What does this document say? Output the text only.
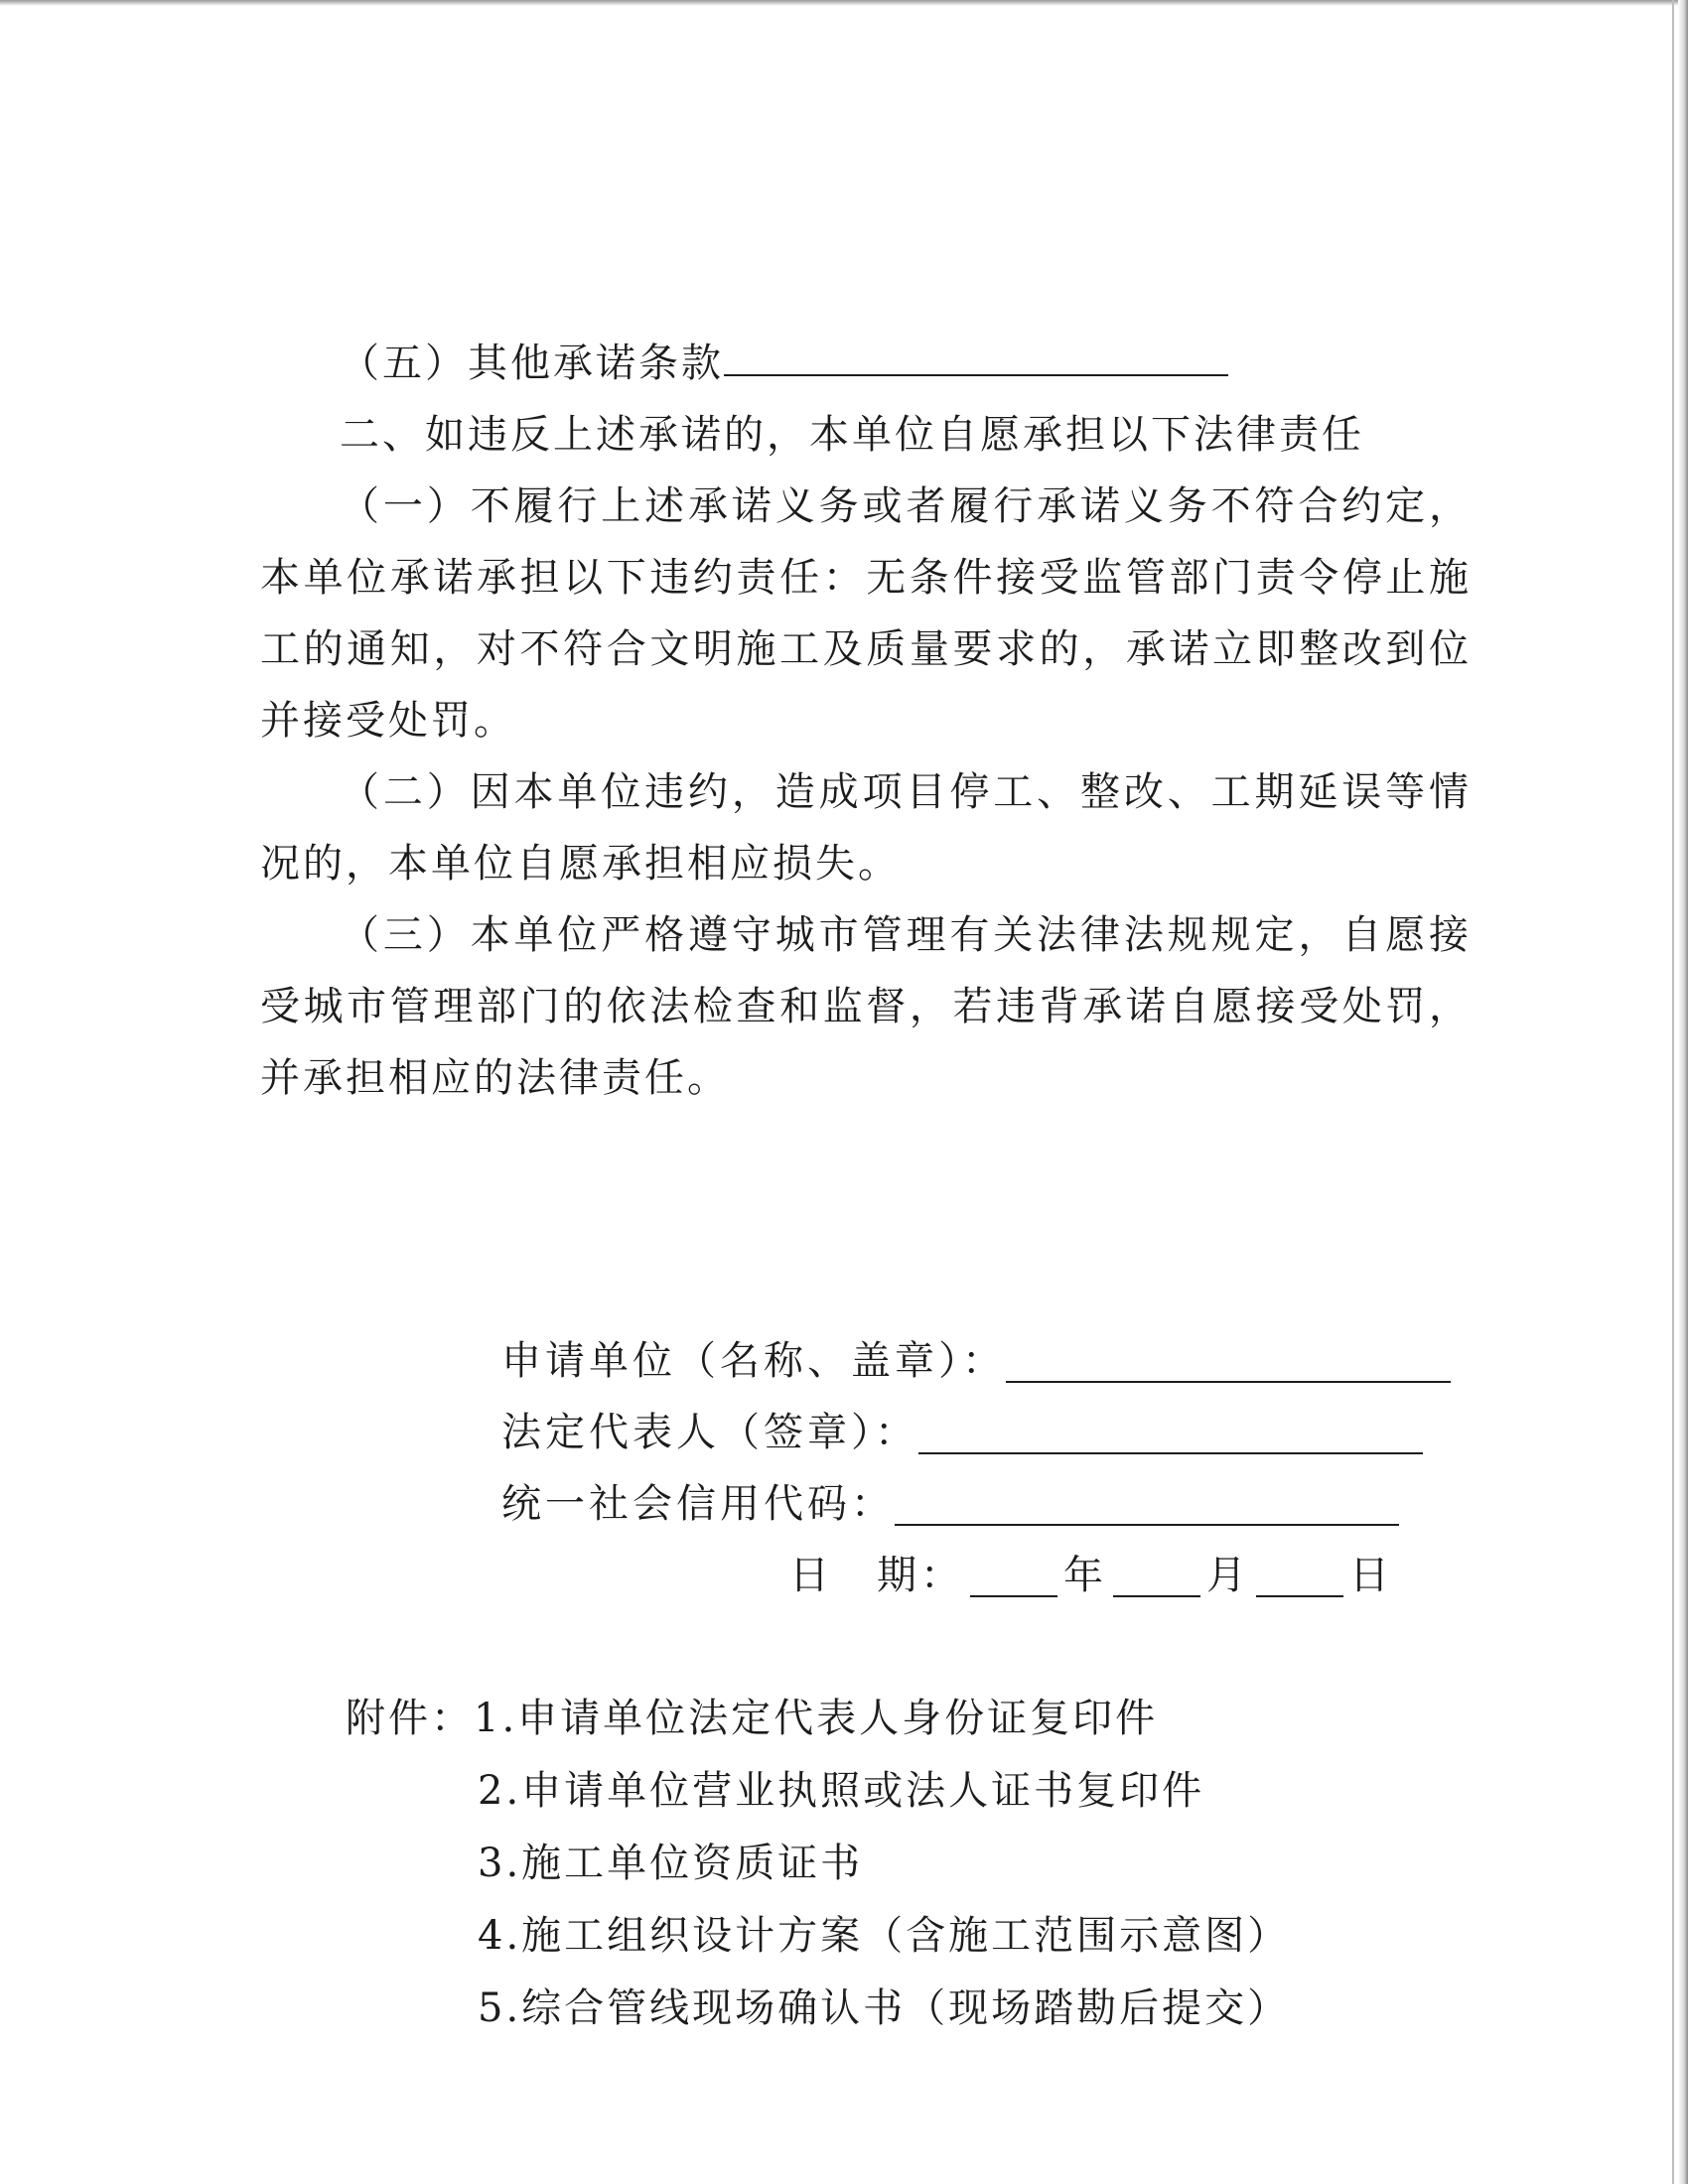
（五）其他承诺条款

二、如违反上述承诺的，本单位自愿承担以下法律责任

（一）不履行上述承诺义务或者履行承诺义务不符合约定，本单位承诺承担以下违约责任：无条件接受监管部门责令停止施工的通知，对不符合文明施工及质量要求的，承诺立即整改到位并接受处罚。

（二）因本单位违约，造成项目停工、整改、工期延误等情况的，本单位自愿承担相应损失。

（三）本单位严格遵守城市管理有关法律法规规定，自愿接受城市管理部门的依法检查和监督，若违背承诺自愿接受处罚，并承担相应的法律责任。

申请单位（名称、盖章）：
法定代表人（签章）：
统一社会信用代码：
日　期：	年	月	日
附件：1.申请单位法定代表人身份证复印件
2.申请单位营业执照或法人证书复印件
3.施工单位资质证书
4.施工组织设计方案（含施工范围示意图）
5.综合管线现场确认书（现场踏勘后提交）
